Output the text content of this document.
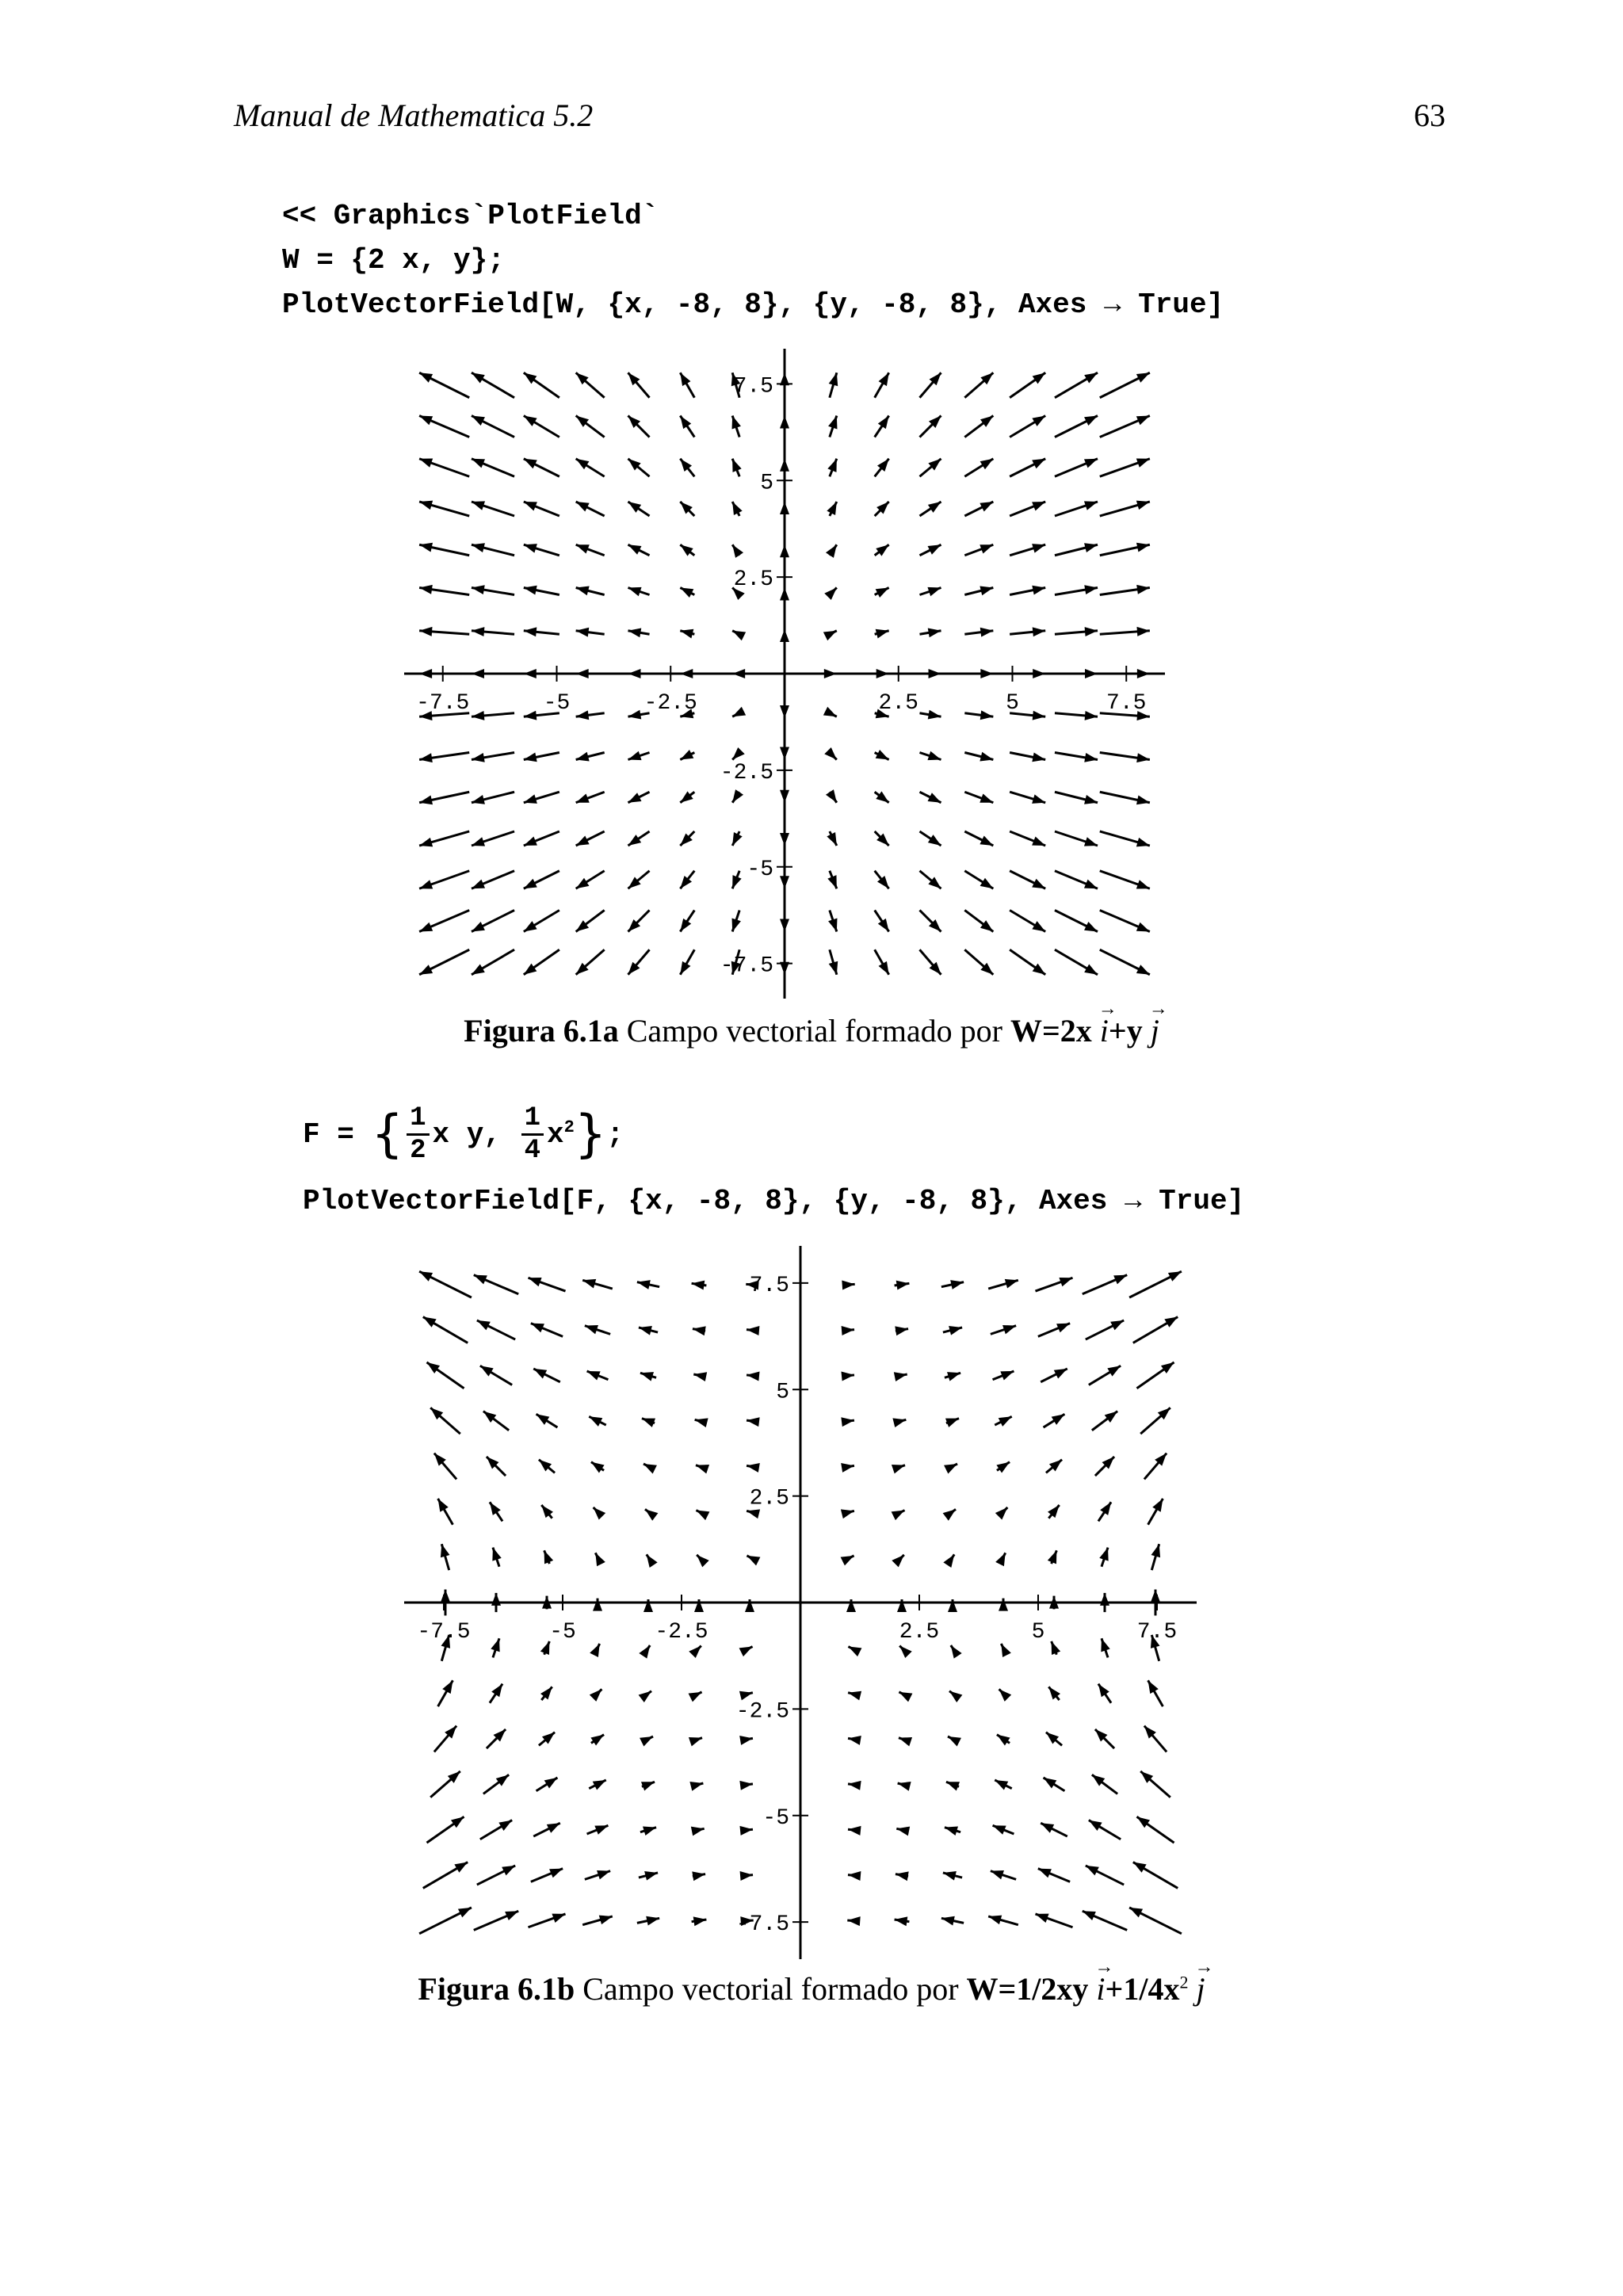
Manual de Mathematica 5.2	63
<< Graphics`PlotField`
W = {2 x, y};
PlotVectorField[W, {x, -8, 8}, {y, -8, 8}, Axes → True]
-7.5	-5	-2.5	2.5	5	7.5
7.5
5
2.5
-2.5
-5
-7.5
Figura 6.1a Campo vectorial formado por W=2x → i+y → j
F = { $\frac{1}{2}$ x y, $\frac{1}{4} x^2$};
PlotVectorField[F, {x, -8, 8}, {y, -8, 8}, Axes → True]
-7.5	-5	-2.5	2.5	5	7.5
7.5
5
2.5
-2.5
-5
-7.5
Figura 6.1b Campo vectorial formado por $W=1/2xy \to i+1/4x^2 \to j$
